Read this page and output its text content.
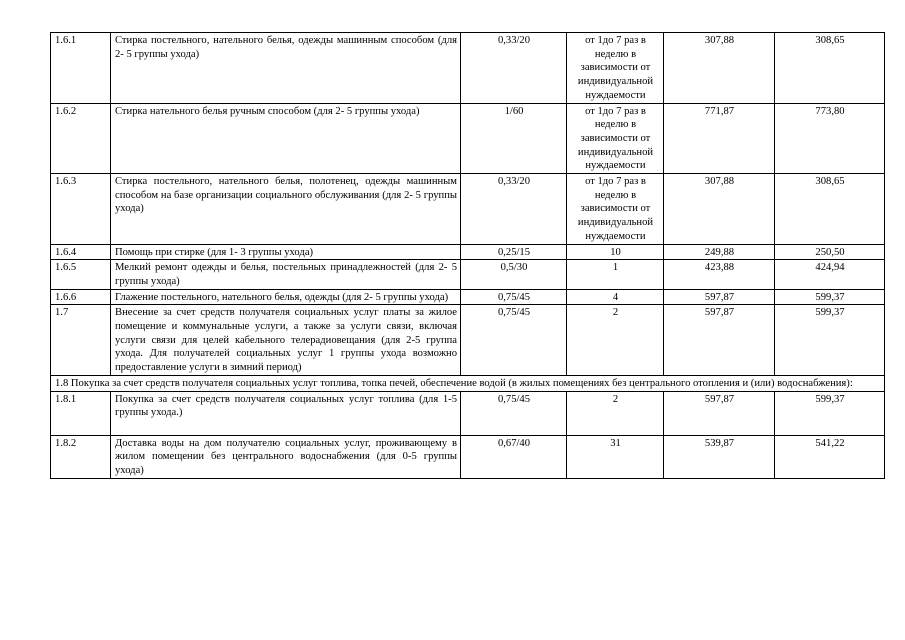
1.6.1	Стирка постельного, нательного белья, одежды машинным способом (для 2- 5 группы ухода)	0,33/20	от 1до 7 раз в неделю в зависимости от индивидуальной нуждаемости	307,88	308,65
1.6.2	Стирка нательного белья ручным способом (для 2- 5 группы ухода)	1/60	от 1до 7 раз в неделю в зависимости от индивидуальной нуждаемости	771,87	773,80
1.6.3	Стирка постельного, нательного белья, полотенец, одежды машинным способом на базе организации социального обслуживания (для 2- 5 группы ухода)	0,33/20	от 1до 7 раз в неделю в зависимости от индивидуальной нуждаемости	307,88	308,65
1.6.4	Помощь при стирке (для 1- 3 группы ухода)	0,25/15	10	249,88	250,50
1.6.5	Мелкий ремонт одежды и белья, постельных принадлежностей (для 2- 5 группы ухода)	0,5/30	1	423,88	424,94
1.6.6	Глажение постельного, нательного белья, одежды (для 2- 5 группы ухода)	0,75/45	4	597,87	599,37
1.7	Внесение за счет средств получателя социальных услуг платы за жилое помещение и коммунальные услуги, а также за услуги связи, включая услуги связи для целей кабельного телерадиовещания (для 2-5 группа ухода. Для получателей социальных услуг 1 группы ухода возможно предоставление услуги в зимний период)	0,75/45	2	597,87	599,37
1.8 Покупка за счет средств получателя социальных услуг топлива, топка печей, обеспечение водой (в жилых помещениях без центрального отопления и (или) водоснабжения):					
1.8.1	Покупка за счет средств получателя социальных услуг топлива (для 1-5 группы ухода.)	0,75/45	2	597,87	599,37
1.8.2	Доставка воды на дом получателю социальных услуг, проживающему в жилом помещении без центрального водоснабжения (для 0-5 группы ухода)	0,67/40	31	539,87	541,22
